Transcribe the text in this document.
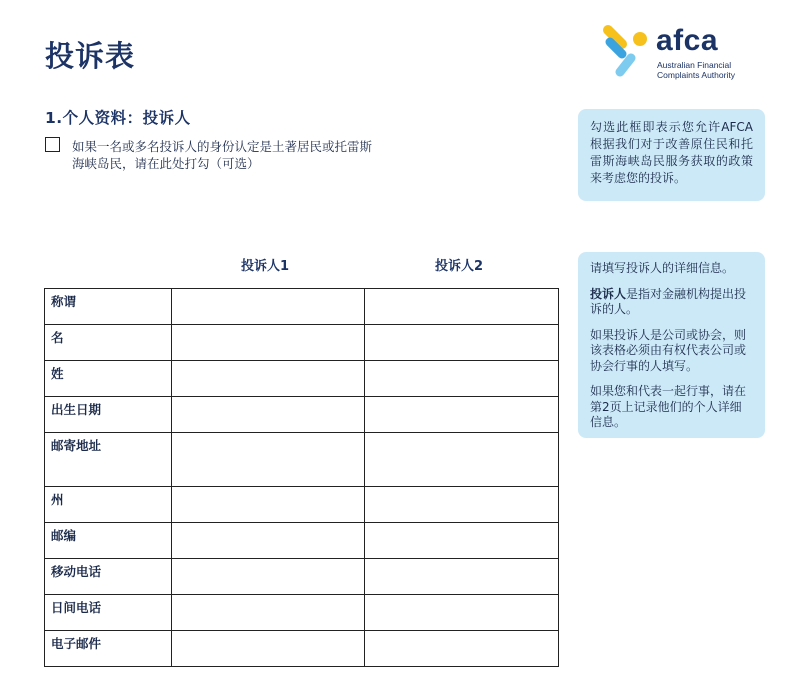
投诉表	afca
Australian Financial
Complaints Authority
1.个人资料：投诉人
如果一名或多名投诉人的身份认定是土著居民或托雷斯
海峡岛民，请在此处打勾（可选）
勾选此框即表示您允许AFCA根据我们对于改善原住民和托雷斯海峡岛民服务获取的政策来考虑您的投诉。

请填写投诉人的详细信息。

投诉人是指对金融机构提出投诉的人。

如果投诉人是公司或协会，则该表格必须由有权代表公司或协会行事的人填写。

如果您和代表一起行事，请在第2页上记录他们的个人详细信息。

投诉人1	投诉人2
称谓		
名		
姓		
出生日期		
邮寄地址		
州		
邮编		
移动电话		
日间电话		
电子邮件		
